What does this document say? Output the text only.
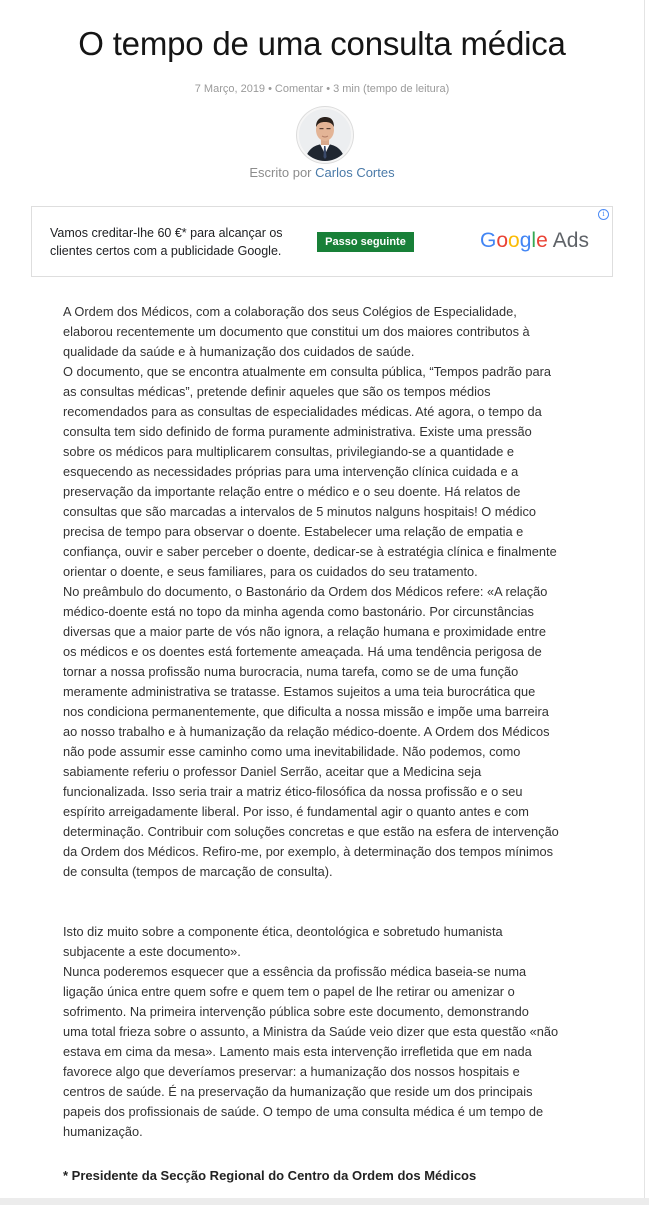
O tempo de uma consulta médica
7 Março, 2019 • Comentar • 3 min (tempo de leitura)
Escrito por Carlos Cortes
Vamos creditar-lhe 60 €* para alcançar os
clientes certos com a publicidade Google.
Passo seguinte	Google Ads
i
A Ordem dos Médicos, com a colaboração dos seus Colégios de Especialidade,
elaborou recentemente um documento que constitui um dos maiores contributos à
qualidade da saúde e à humanização dos cuidados de saúde.
O documento, que se encontra atualmente em consulta pública, “Tempos padrão para
as consultas médicas”, pretende definir aqueles que são os tempos médios
recomendados para as consultas de especialidades médicas. Até agora, o tempo da
consulta tem sido definido de forma puramente administrativa. Existe uma pressão
sobre os médicos para multiplicarem consultas, privilegiando-se a quantidade e
esquecendo as necessidades próprias para uma intervenção clínica cuidada e a
preservação da importante relação entre o médico e o seu doente. Há relatos de
consultas que são marcadas a intervalos de 5 minutos nalguns hospitais! O médico
precisa de tempo para observar o doente. Estabelecer uma relação de empatia e
confiança, ouvir e saber perceber o doente, dedicar-se à estratégia clínica e finalmente
orientar o doente, e seus familiares, para os cuidados do seu tratamento.
No preâmbulo do documento, o Bastonário da Ordem dos Médicos refere: «A relação
médico-doente está no topo da minha agenda como bastonário. Por circunstâncias
diversas que a maior parte de vós não ignora, a relação humana e proximidade entre
os médicos e os doentes está fortemente ameaçada. Há uma tendência perigosa de
tornar a nossa profissão numa burocracia, numa tarefa, como se de uma função
meramente administrativa se tratasse. Estamos sujeitos a uma teia burocrática que
nos condiciona permanentemente, que dificulta a nossa missão e impõe uma barreira
ao nosso trabalho e à humanização da relação médico-doente. A Ordem dos Médicos
não pode assumir esse caminho como uma inevitabilidade. Não podemos, como
sabiamente referiu o professor Daniel Serrão, aceitar que a Medicina seja
funcionalizada. Isso seria trair a matriz ético-filosófica da nossa profissão e o seu
espírito arreigadamente liberal. Por isso, é fundamental agir o quanto antes e com
determinação. Contribuir com soluções concretas e que estão na esfera de intervenção
da Ordem dos Médicos. Refiro-me, por exemplo, à determinação dos tempos mínimos
de consulta (tempos de marcação de consulta).
Isto diz muito sobre a componente ética, deontológica e sobretudo humanista
subjacente a este documento».
Nunca poderemos esquecer que a essência da profissão médica baseia-se numa
ligação única entre quem sofre e quem tem o papel de lhe retirar ou amenizar o
sofrimento. Na primeira intervenção pública sobre este documento, demonstrando
uma total frieza sobre o assunto, a Ministra da Saúde veio dizer que esta questão «não
estava em cima da mesa». Lamento mais esta intervenção irrefletida que em nada
favorece algo que deveríamos preservar: a humanização dos nossos hospitais e
centros de saúde. É na preservação da humanização que reside um dos principais
papeis dos profissionais de saúde. O tempo de uma consulta médica é um tempo de
humanização.
* Presidente da Secção Regional do Centro da Ordem dos Médicos
